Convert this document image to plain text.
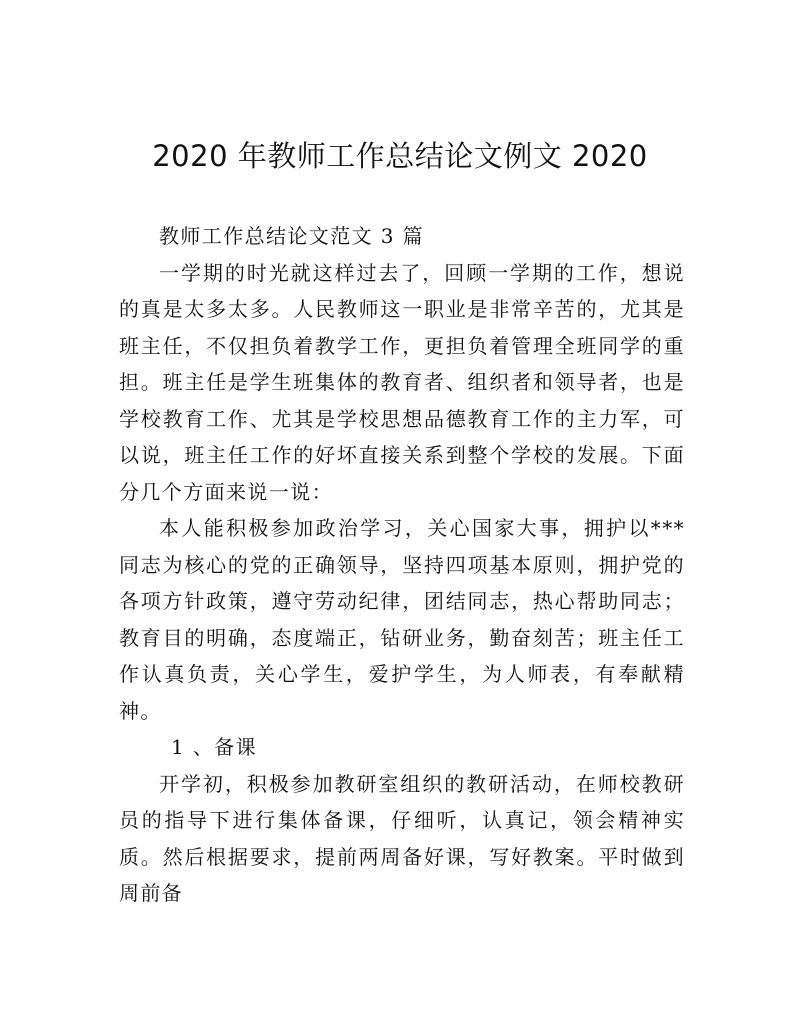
2020 年教师工作总结论文例文 2020

教师工作总结论文范文 3 篇

一学期的时光就这样过去了，回顾一学期的工作，想说的真是太多太多。人民教师这一职业是非常辛苦的，尤其是班主任，不仅担负着教学工作，更担负着管理全班同学的重担。班主任是学生班集体的教育者、组织者和领导者，也是学校教育工作、尤其是学校思想品德教育工作的主力军，可以说，班主任工作的好坏直接关系到整个学校的发展。下面分几个方面来说一说：

本人能积极参加政治学习，关心国家大事，拥护以***同志为核心的党的正确领导，坚持四项基本原则，拥护党的各项方针政策，遵守劳动纪律，团结同志，热心帮助同志；教育目的明确，态度端正，钻研业务，勤奋刻苦；班主任工作认真负责，关心学生，爱护学生，为人师表，有奉献精神。

1 、备课

开学初，积极参加教研室组织的教研活动，在师校教研员的指导下进行集体备课，仔细听，认真记，领会精神实质。然后根据要求，提前两周备好课，写好教案。平时做到周前备
